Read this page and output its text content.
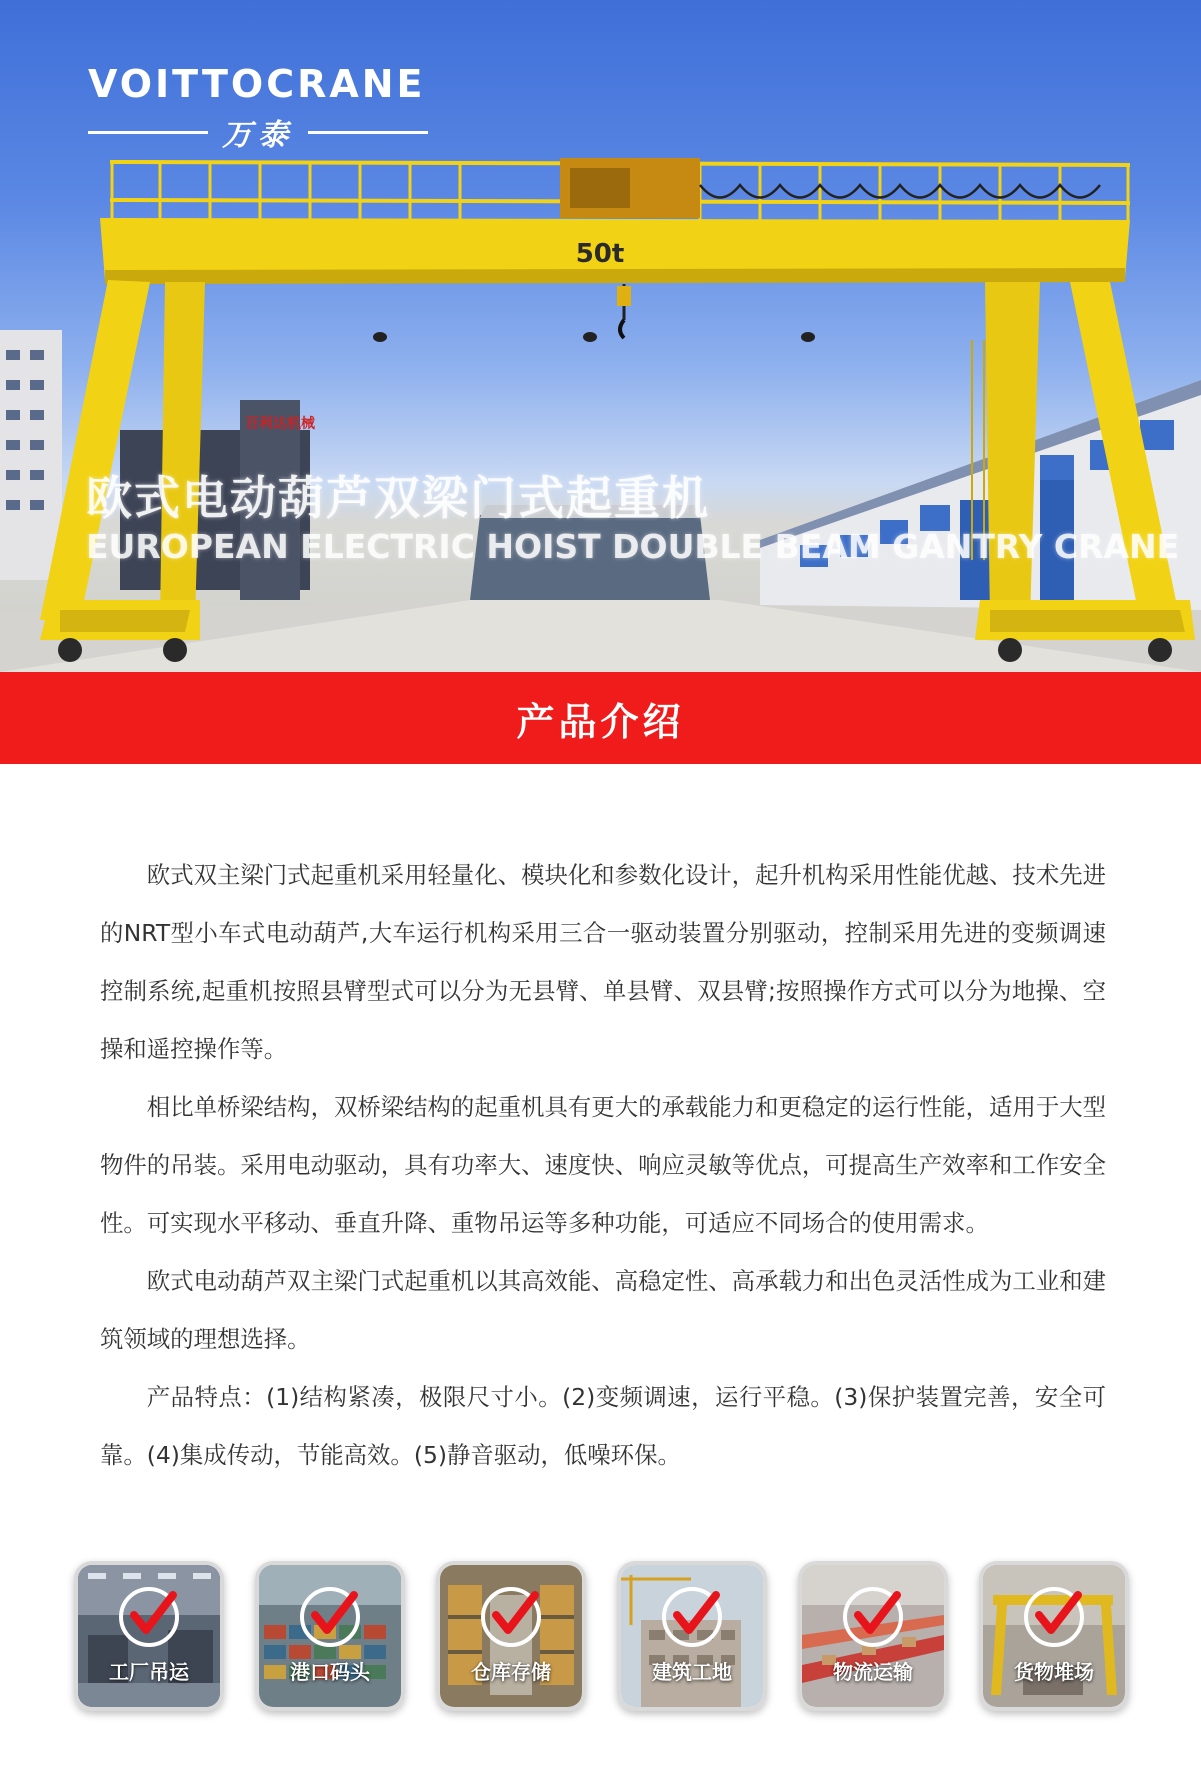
百利达机械
50t
VOITTOCRANE
万泰
欧式电动葫芦双梁门式起重机
EUROPEAN ELECTRIC HOIST DOUBLE BEAM GANTRY CRANE
产品介绍

欧式双主梁门式起重机采用轻量化、模块化和参数化设计，起升机构采用性能优越、技术先进的NRT型小车式电动葫芦,大车运行机构采用三合一驱动装置分别驱动，控制采用先进的变频调速控制系统,起重机按照县臂型式可以分为无县臂、单县臂、双县臂;按照操作方式可以分为地操、空操和遥控操作等。

相比单桥梁结构，双桥梁结构的起重机具有更大的承载能力和更稳定的运行性能，适用于大型物件的吊装。采用电动驱动，具有功率大、速度快、响应灵敏等优点，可提高生产效率和工作安全性。可实现水平移动、垂直升降、重物吊运等多种功能，可适应不同场合的使用需求。

欧式电动葫芦双主梁门式起重机以其高效能、高稳定性、高承载力和出色灵活性成为工业和建筑领域的理想选择。

产品特点：(1)结构紧凑，极限尺寸小。(2)变频调速，运行平稳。(3)保护装置完善，安全可靠。(4)集成传动，节能高效。(5)静音驱动，低噪环保。

工厂吊运	港口码头	仓库存储	建筑工地	物流运输	货物堆场
